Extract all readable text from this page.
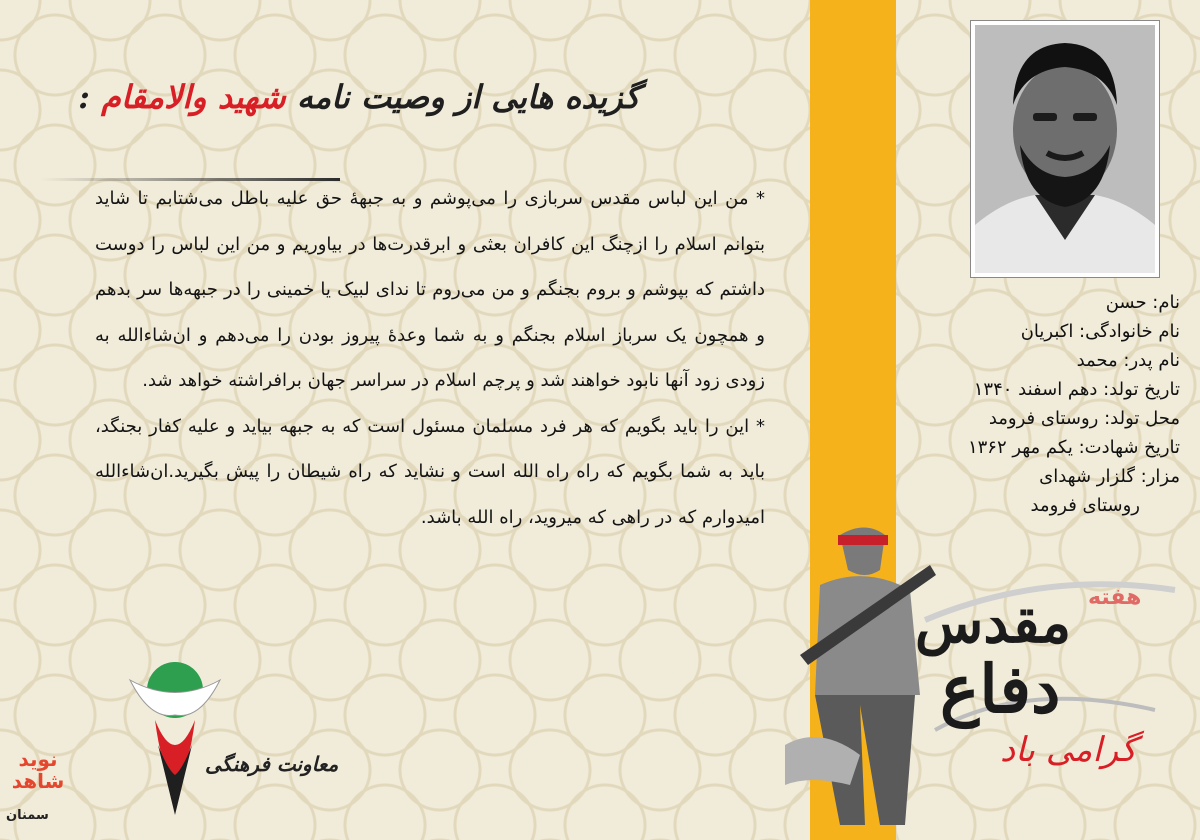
گزیده هایی از وصیت نامه شهید والامقام :

* من این لباس مقدس سربازی را می‌پوشم و به جبههٔ حق علیه باطل می‌شتابم تا شاید بتوانم اسلام را ازچنگ این کافران بعثی و ابرقدرت‌ها در بیاوریم و من این لباس را دوست داشتم که بپوشم و بروم بجنگم و من می‌روم تا ندای لبیک یا خمینی را در جبهه‌ها سر بدهم و همچون یک سرباز اسلام بجنگم و به شما وعدهٔ پیروز بودن را می‌دهم و ان‌شاءالله به زودی زود آنها نابود خواهند شد و پرچم اسلام در سراسر جهان برافراشته خواهد شد.

* این را باید بگویم که هر فرد مسلمان مسئول است که به جبهه بیاید و علیه کفار بجنگد، باید به شما بگویم که راه راه الله است و نشاید که راه شیطان را پیش بگیرید.ان‌شاءالله امیدوارم که در راهی که میروید، راه الله باشد.

نام: حسن
نام خانوادگی: اکبریان
نام پدر: محمد
تاریخ تولد: دهم اسفند ۱۳۴۰
محل تولد: روستای فرومد
تاریخ شهادت: یکم مهر ۱۳۶۲
مزار: گلزار شهدای
روستای فرومد
هفته
مقدس
دفاع
گرامی باد
معاونت فرهنگی
نوید شاهد
سمنان
